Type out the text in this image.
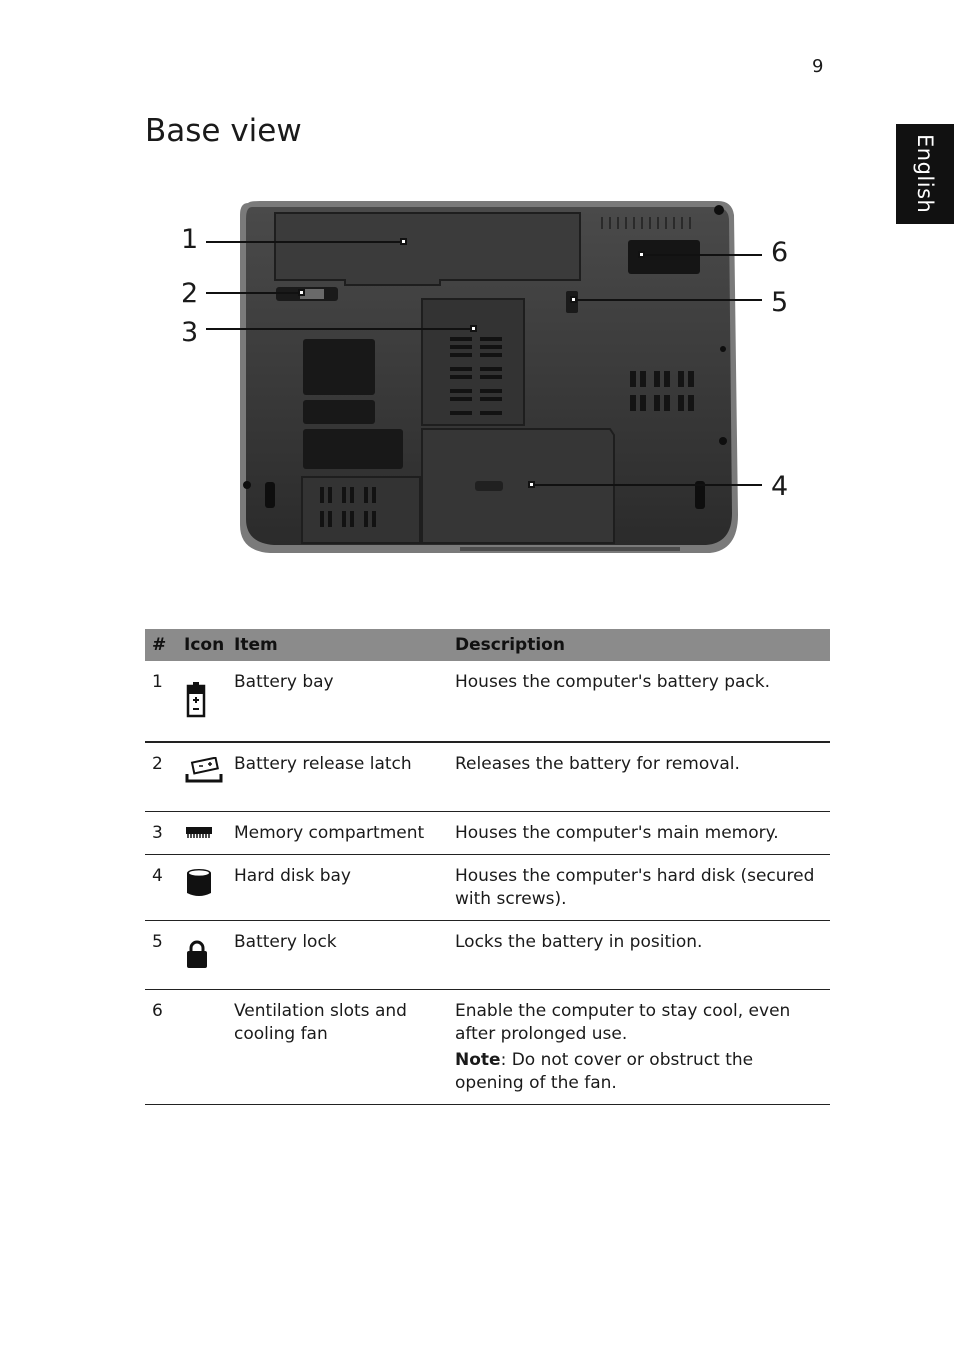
9
English
Base view
1
2
3
4
5
6
#	Icon	Item	Description
1		Battery bay	Houses the computer's battery pack.

2		Battery release latch	Releases the battery for removal.

3		Memory compartment	Houses the computer's main memory.

4		Hard disk bay	Houses the computer's hard disk (secured
with screws).

5		Battery lock	Locks the battery in position.

6		Ventilation slots and
cooling fan	Enable the computer to stay cool, even
after prolonged use.
Note: Do not cover or obstruct the
opening of the fan.
